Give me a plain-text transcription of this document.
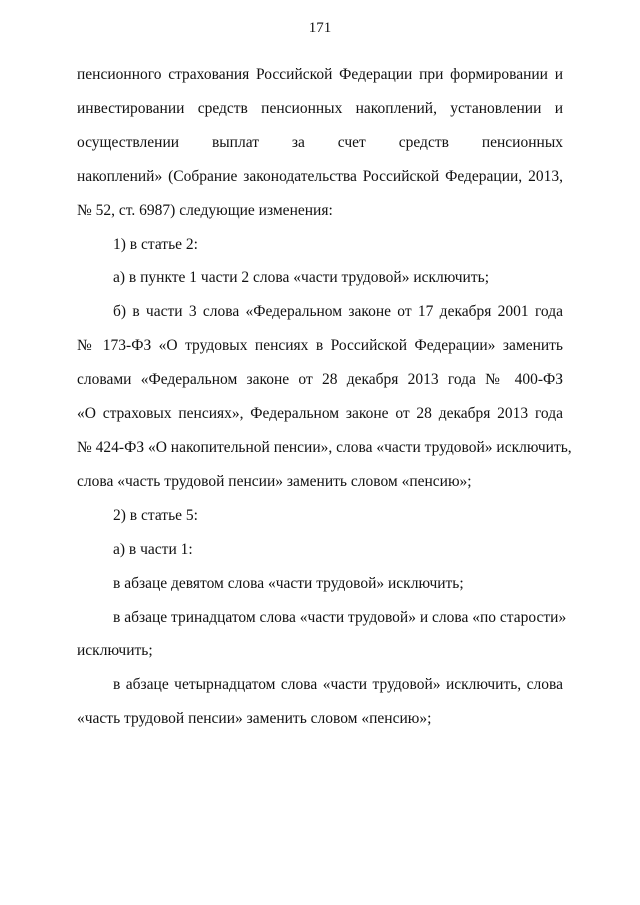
171
пенсионного страхования Российской Федерации при формировании и
инвестировании средств пенсионных накоплений, установлении и
осуществлении выплат за счет средств пенсионных
накоплений» (Собрание законодательства Российской Федерации, 2013,
№ 52, ст. 6987) следующие изменения:
1) в статье 2:
а) в пункте 1 части 2 слова «части трудовой» исключить;
б) в части 3 слова «Федеральном законе от 17 декабря 2001 года
№ 173-ФЗ «О трудовых пенсиях в Российской Федерации» заменить
словами «Федеральном законе от 28 декабря 2013 года № 400-ФЗ
«О страховых пенсиях», Федеральном законе от 28 декабря 2013 года
№ 424-ФЗ «О накопительной пенсии», слова «части трудовой» исключить,
слова «часть трудовой пенсии» заменить словом «пенсию»;
2) в статье 5:
а) в части 1:
в абзаце девятом слова «части трудовой» исключить;
в абзаце тринадцатом слова «части трудовой» и слова «по старости»
исключить;
в абзаце четырнадцатом слова «части трудовой» исключить, слова
«часть трудовой пенсии» заменить словом «пенсию»;
